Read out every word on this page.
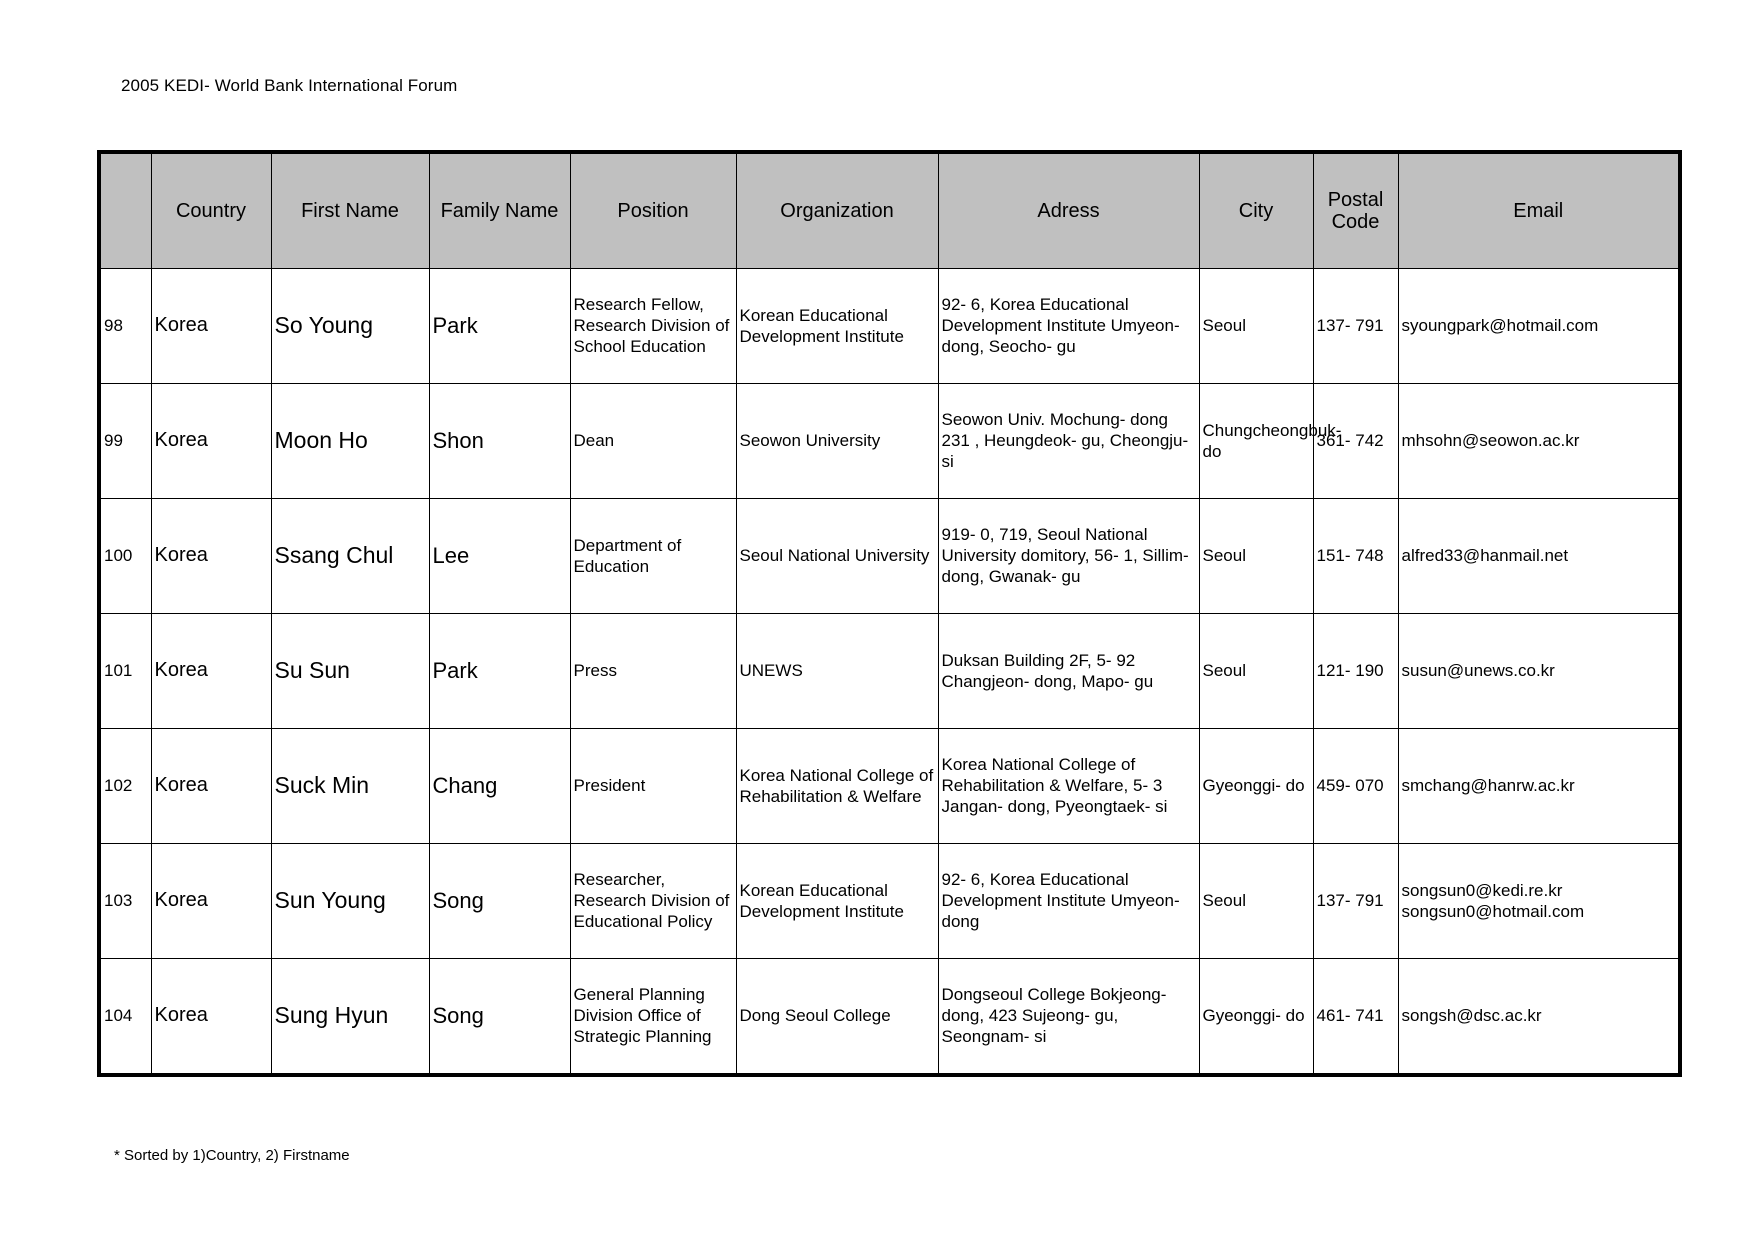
2005 KEDI- World Bank International Forum
	Country	First Name	Family Name	Position	Organization	Adress	City	Postal Code	Email
98	Korea	So Young	Park	Research Fellow, Research Division of School Education	Korean Educational Development Institute	92- 6, Korea Educational Development Institute Umyeon- dong, Seocho- gu	Seoul	137- 791	syoungpark@hotmail.com

99	Korea	Moon Ho	Shon	Dean	Seowon University	Seowon Univ. Mochung- dong 231 , Heungdeok- gu, Cheongju- si	Chungcheongbuk- do	361- 742	mhsohn@seowon.ac.kr

100	Korea	Ssang Chul	Lee	Department of Education	Seoul National University	919- 0, 719, Seoul National University domitory, 56- 1, Sillim- dong, Gwanak- gu	Seoul	151- 748	alfred33@hanmail.net

101	Korea	Su Sun	Park	Press	UNEWS	Duksan Building 2F, 5- 92 Changjeon- dong, Mapo- gu	Seoul	121- 190	susun@unews.co.kr

102	Korea	Suck Min	Chang	President	Korea National College of Rehabilitation & Welfare	Korea National College of Rehabilitation & Welfare, 5- 3 Jangan- dong, Pyeongtaek- si	Gyeonggi- do	459- 070	smchang@hanrw.ac.kr

103	Korea	Sun Young	Song	Researcher, Research Division of Educational Policy	Korean Educational Development Institute	92- 6, Korea Educational Development Institute Umyeon- dong	Seoul	137- 791	songsun0@kedi.re.kr
songsun0@hotmail.com

104	Korea	Sung Hyun	Song	General Planning Division Office of Strategic Planning	Dong Seoul College	Dongseoul College Bokjeong- dong, 423 Sujeong- gu, Seongnam- si	Gyeonggi- do	461- 741	songsh@dsc.ac.kr
* Sorted by 1)Country, 2) Firstname
